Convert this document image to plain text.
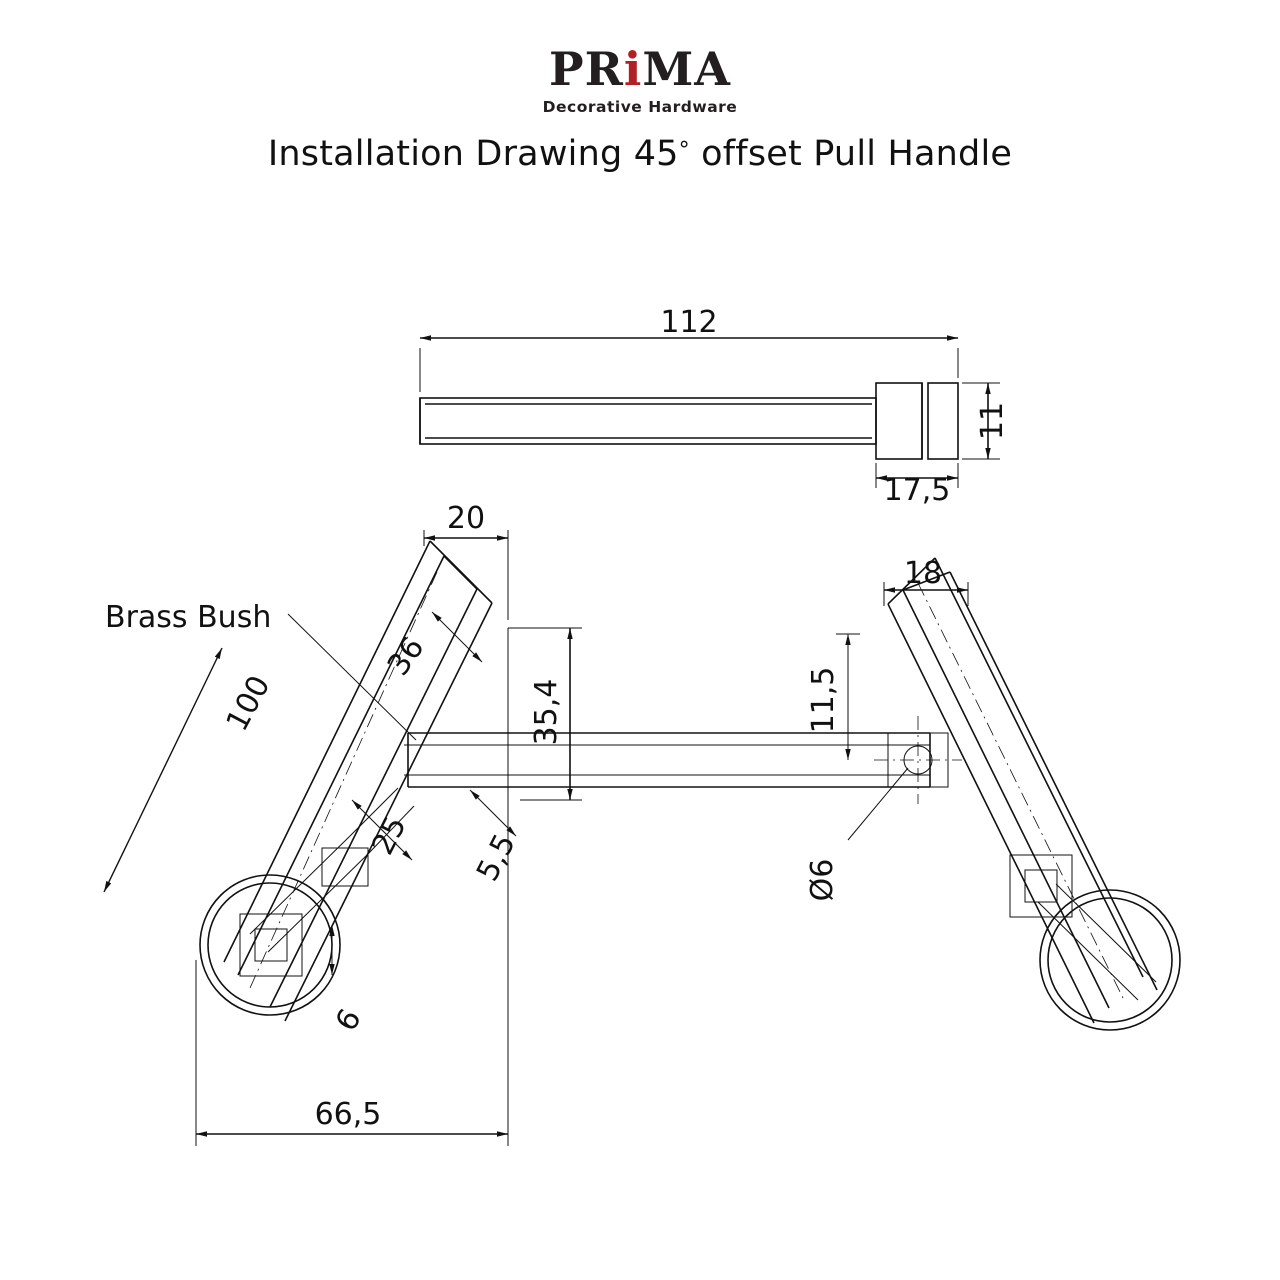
PRiMA
Decorative Hardware
Installation Drawing 45° offset Pull Handle
112
11
17,5
20
36
35,4
100
25 5,5
6
66,5
18
11,5
Ø6
Brass Bush
